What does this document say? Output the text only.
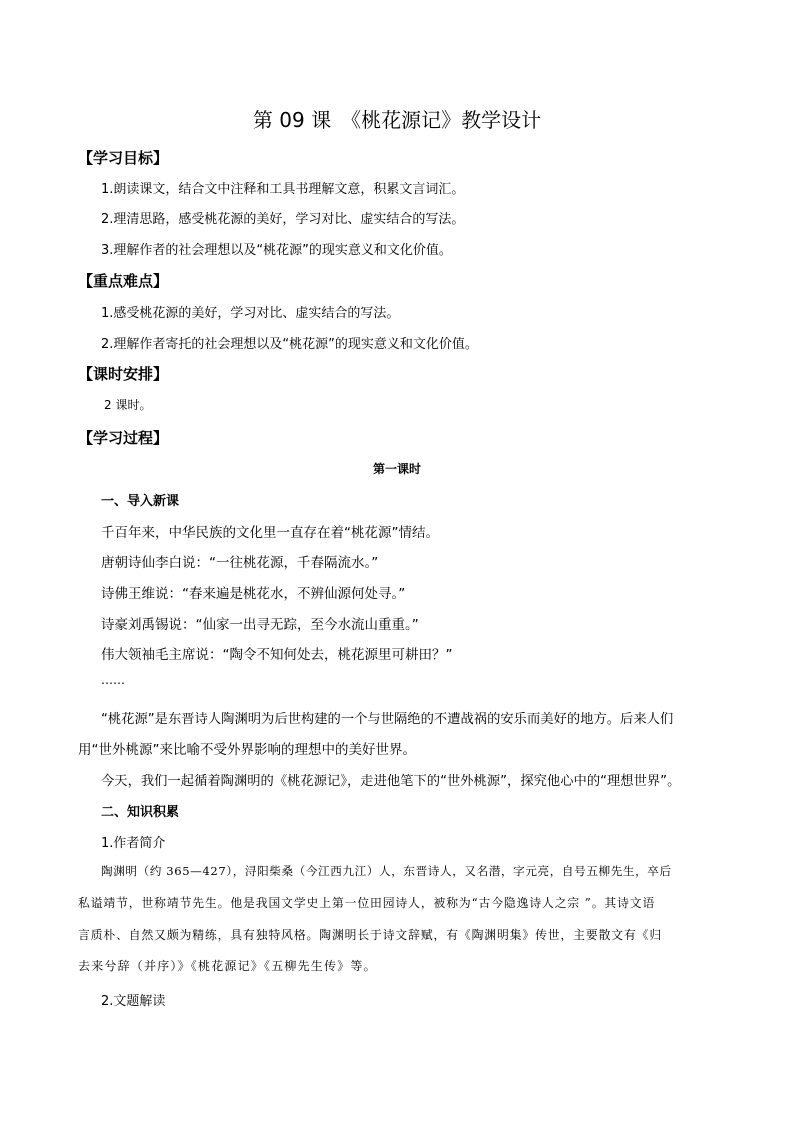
第 09 课　《桃花源记》教学设计
【学习目标】
1.朗读课文，结合文中注释和工具书理解文意，积累文言词汇。
2.理清思路，感受桃花源的美好，学习对比、虚实结合的写法。
3.理解作者的社会理想以及“桃花源”的现实意义和文化价值。
【重点难点】
1.感受桃花源的美好，学习对比、虚实结合的写法。
2.理解作者寄托的社会理想以及“桃花源”的现实意义和文化价值。
【课时安排】
2 课时。
【学习过程】
第一课时
一、导入新课
千百年来，中华民族的文化里一直存在着“桃花源”情结。
唐朝诗仙李白说：“一往桃花源，千春隔流水。”
诗佛王维说：“春来遍是桃花水，不辨仙源何处寻。”
诗豪刘禹锡说：“仙家一出寻无踪，至今水流山重重。”
伟大领袖毛主席说：“陶令不知何处去，桃花源里可耕田？”
……
“桃花源”是东晋诗人陶渊明为后世构建的一个与世隔绝的不遭战祸的安乐而美好的地方。后来人们
用“世外桃源”来比喻不受外界影响的理想中的美好世界。
今天，我们一起循着陶渊明的《桃花源记》，走进他笔下的“世外桃源”，探究他心中的“理想世界”。
二、知识积累
1.作者简介
陶渊明（约 365—427），浔阳柴桑（今江西九江）人，东晋诗人，又名潜，字元亮，自号五柳先生，卒后
私谥靖节，世称靖节先生。他是我国文学史上第一位田园诗人，被称为“古今隐逸诗人之宗 ”。其诗文语
言质朴、自然又颇为精练，具有独特风格。陶渊明长于诗文辞赋，有《陶渊明集》传世，主要散文有《归
去来兮辞（并序）》《桃花源记》《五柳先生传》等。
2.文题解读
